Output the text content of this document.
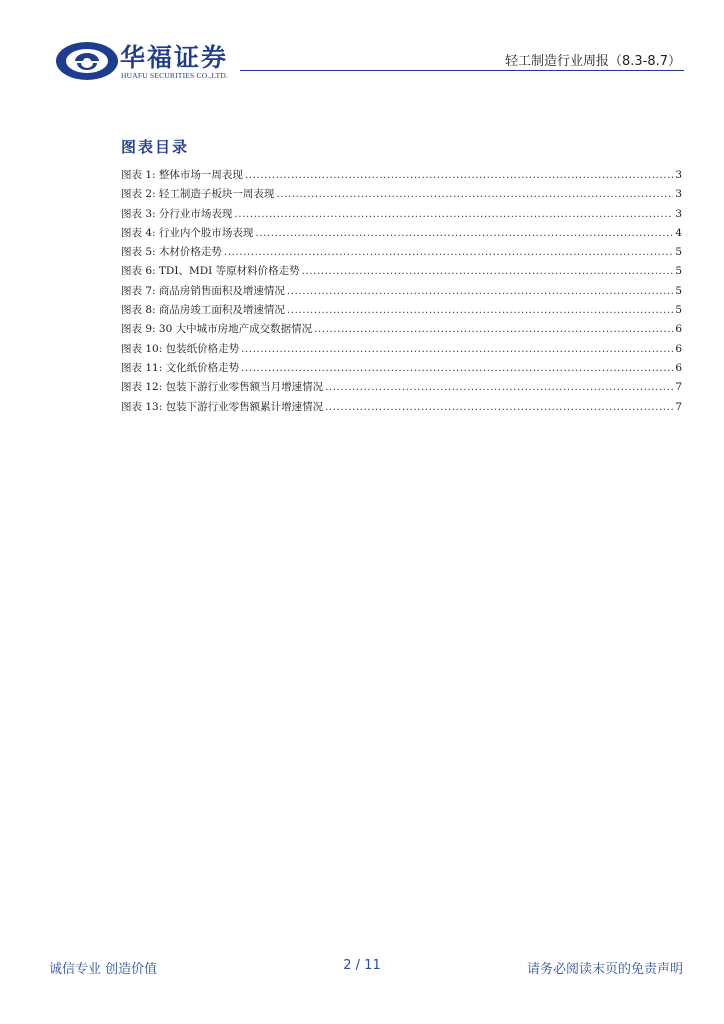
华福证券
HUAFU SECURITIES CO.,LTD.
轻工制造行业周报（8.3-8.7）
图表目录
图表 1: 整体市场一周表现 .....	3
图表 2: 轻工制造子板块一周表现 .....	3
图表 3: 分行业市场表现 .....	3
图表 4: 行业内个股市场表现 .....	4
图表 5: 木材价格走势 .....	5
图表 6: TDI、MDI 等原材料价格走势 .....	5
图表 7: 商品房销售面积及增速情况 .....	5
图表 8: 商品房竣工面积及增速情况 .....	5
图表 9: 30 大中城市房地产成交数据情况 .....	6
图表 10: 包装纸价格走势 .....	6
图表 11: 文化纸价格走势 .....	6
图表 12: 包装下游行业零售额当月增速情况 .....	7
图表 13: 包装下游行业零售额累计增速情况 .....	7
诚信专业 创造价值	2 / 11	请务必阅读末页的免责声明
